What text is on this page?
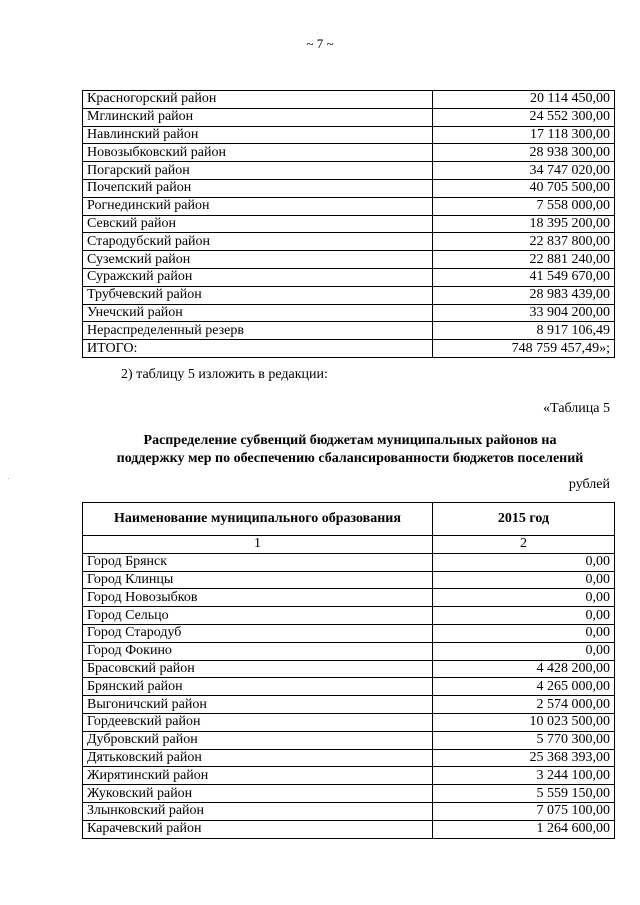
~ 7 ~
Красногорский район	20 114 450,00
Мглинский район	24 552 300,00
Навлинский район	17 118 300,00
Новозыбковский район	28 938 300,00
Погарский район	34 747 020,00
Почепский район	40 705 500,00
Рогнединский район	7 558 000,00
Севский район	18 395 200,00
Стародубский район	22 837 800,00
Суземский район	22 881 240,00
Суражский район	41 549 670,00
Трубчевский район	28 983 439,00
Унечский район	33 904 200,00
Нераспределенный резерв	8 917 106,49
ИТОГО:	748 759 457,49»;
2) таблицу 5 изложить в редакции:
«Таблица 5
Распределение субвенций бюджетам муниципальных районов на
поддержку мер по обеспечению сбалансированности бюджетов поселений
рублей
Наименование муниципального образования	2015 год
1	2
Город Брянск	0,00
Город Клинцы	0,00
Город Новозыбков	0,00
Город Сельцо	0,00
Город Стародуб	0,00
Город Фокино	0,00
Брасовский район	4 428 200,00
Брянский район	4 265 000,00
Выгоничский район	2 574 000,00
Гордеевский район	10 023 500,00
Дубровский район	5 770 300,00
Дятьковский район	25 368 393,00
Жирятинский район	3 244 100,00
Жуковский район	5 559 150,00
Злынковский район	7 075 100,00
Карачевский район	1 264 600,00
